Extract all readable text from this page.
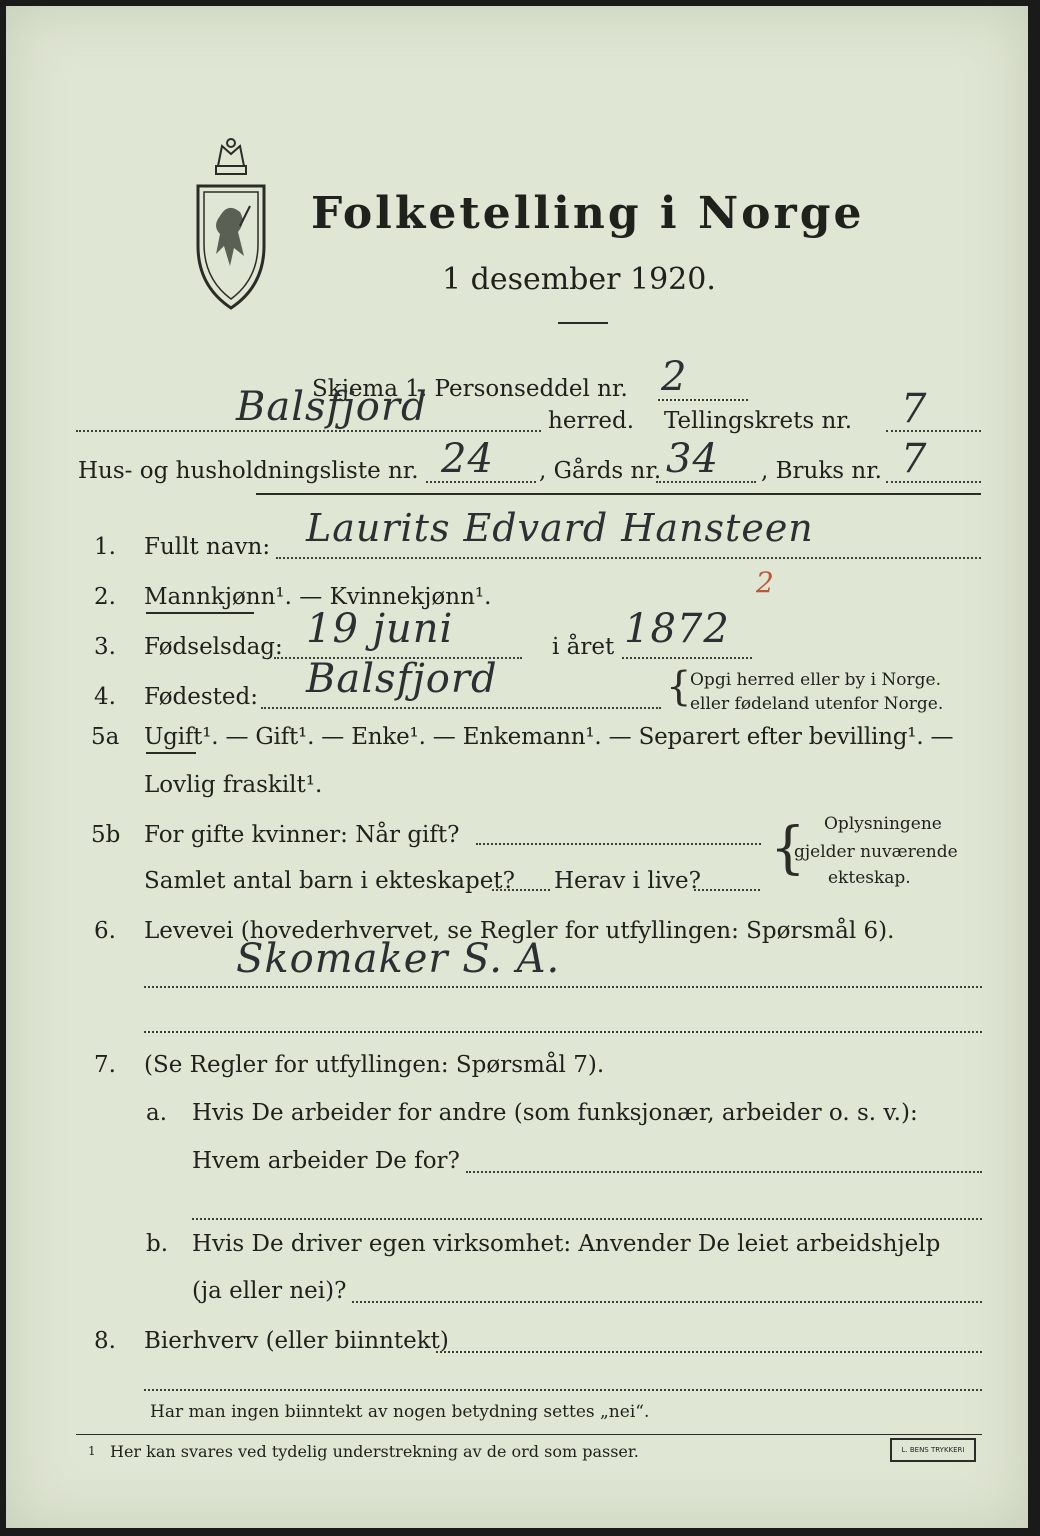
Folketelling i Norge
1 desember 1920.
Skjema 1. Personseddel nr. 2
Balsfjord	herred. Tellingskrets nr. 7
Hus- og husholdningsliste nr. 24 , Gårds nr. 34 , Bruks nr. 7
1. Fullt navn: Laurits Edvard Hansteen
2. Mannkjønn¹. — Kvinnekjønn¹.	2
3. Fødselsdag: 19 juni	i året 1872
4. Fødested: Balsfjord	{
Opgi herred eller by i Norge.
eller fødeland utenfor Norge.
5a Ugift¹. — Gift¹. — Enke¹. — Enkemann¹. — Separert efter bevilling¹. —
Lovlig fraskilt¹.
5b For gifte kvinner: Når gift?
Samlet antal barn i ekteskapet? Herav i live? { Oplysningene
gjelder nuværende
ekteskap.
6. Levevei (hovederhvervet, se Regler for utfyllingen: Spørsmål 6).
Skomaker S. A.
7. (Se Regler for utfyllingen: Spørsmål 7).
a. Hvis De arbeider for andre (som funksjonær, arbeider o. s. v.):
Hvem arbeider De for?
b. Hvis De driver egen virksomhet: Anvender De leiet arbeidshjelp
(ja eller nei)?
8. Bierhverv (eller biinntekt)
Har man ingen biinntekt av nogen betydning settes „nei“.
1 Her kan svares ved tydelig understrekning av de ord som passer.	L. BENS TRYKKERI
